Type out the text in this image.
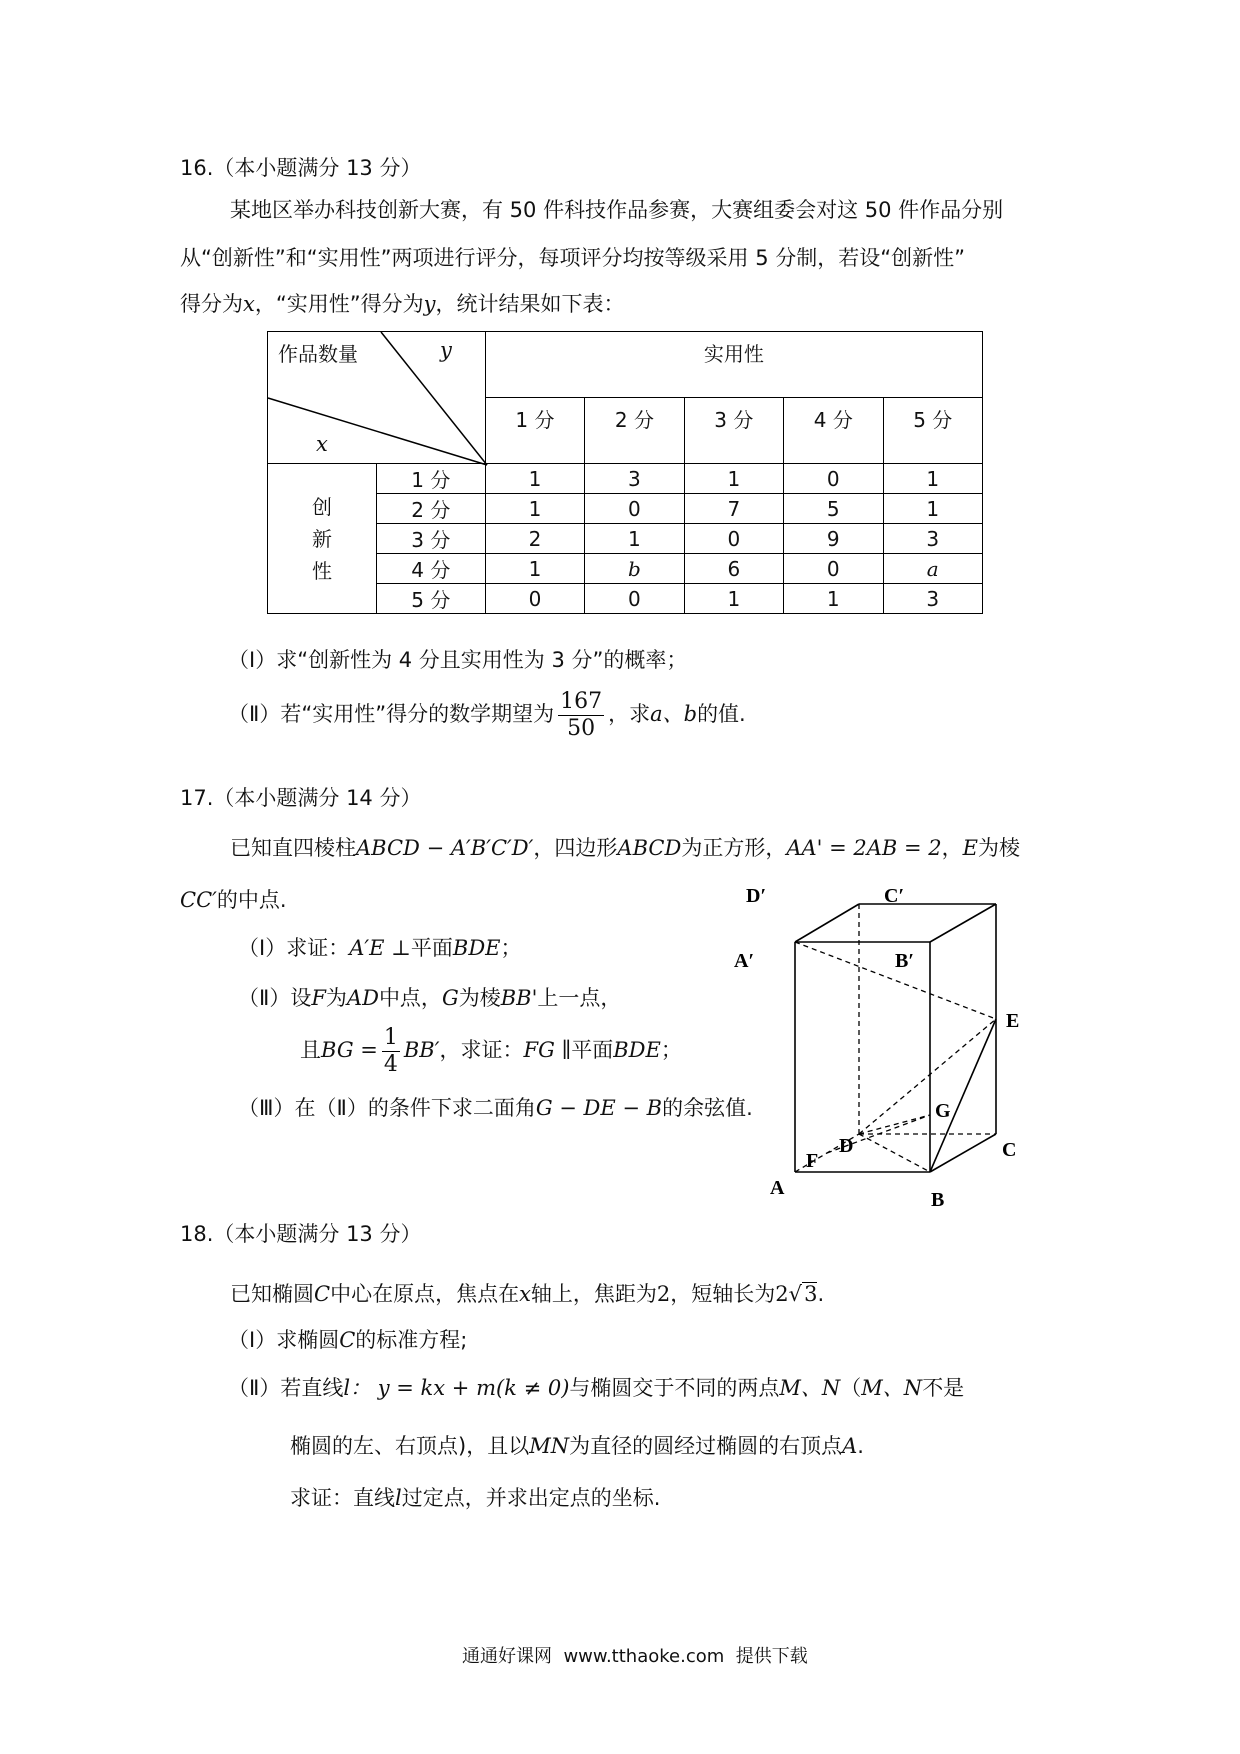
16.（本小题满分 13 分）
某地区举办科技创新大赛，有 50 件科技作品参赛，大赛组委会对这 50 件作品分别
从“创新性”和“实用性”两项进行评分，每项评分均按等级采用 5 分制，若设“创新性”
得分为x，“实用性”得分为y，统计结果如下表：
作品数量 y
x		实用性				
		1 分	2 分	3 分	4 分	5 分

创
新
性	1 分	1	3	1	0	1
	2 分	1	0	7	5	1
	3 分	2	1	0	9	3
	4 分	1	b	6	0	a
	5 分	0	0	1	1	3
（Ⅰ）求“创新性为 4 分且实用性为 3 分”的概率；
（Ⅱ）若“实用性”得分的数学期望为 $\frac{167}{50}$ ，求a、b的值.
17.（本小题满分 14 分）
已知直四棱柱ABCD − A′B′C′D′，四边形ABCD为正方形，AA' = 2AB = 2，E为棱
CC′的中点.
（Ⅰ）求证：A′E ⊥平面BDE；
（Ⅱ）设F为AD中点，G为棱BB'上一点，
且BG = $\frac{1}{4} BB'$，求证：FG ∥平面BDE；
（Ⅲ）在（Ⅱ）的条件下求二面角G − DE − B的余弦值.
D′	C′
A′	B′
E
G
D
F	C
A
B
18.（本小题满分 13 分）
已知椭圆C中心在原点，焦点在x轴上，焦距为2，短轴长为2√3.
（Ⅰ）求椭圆C的标准方程;
（Ⅱ）若直线l： y = kx + m(k ≠ 0)与椭圆交于不同的两点M、N（M、N不是
椭圆的左、右顶点)，且以MN为直径的圆经过椭圆的右顶点A.
求证：直线l过定点，并求出定点的坐标.
通通好课网  www.tthaoke.com  提供下载
